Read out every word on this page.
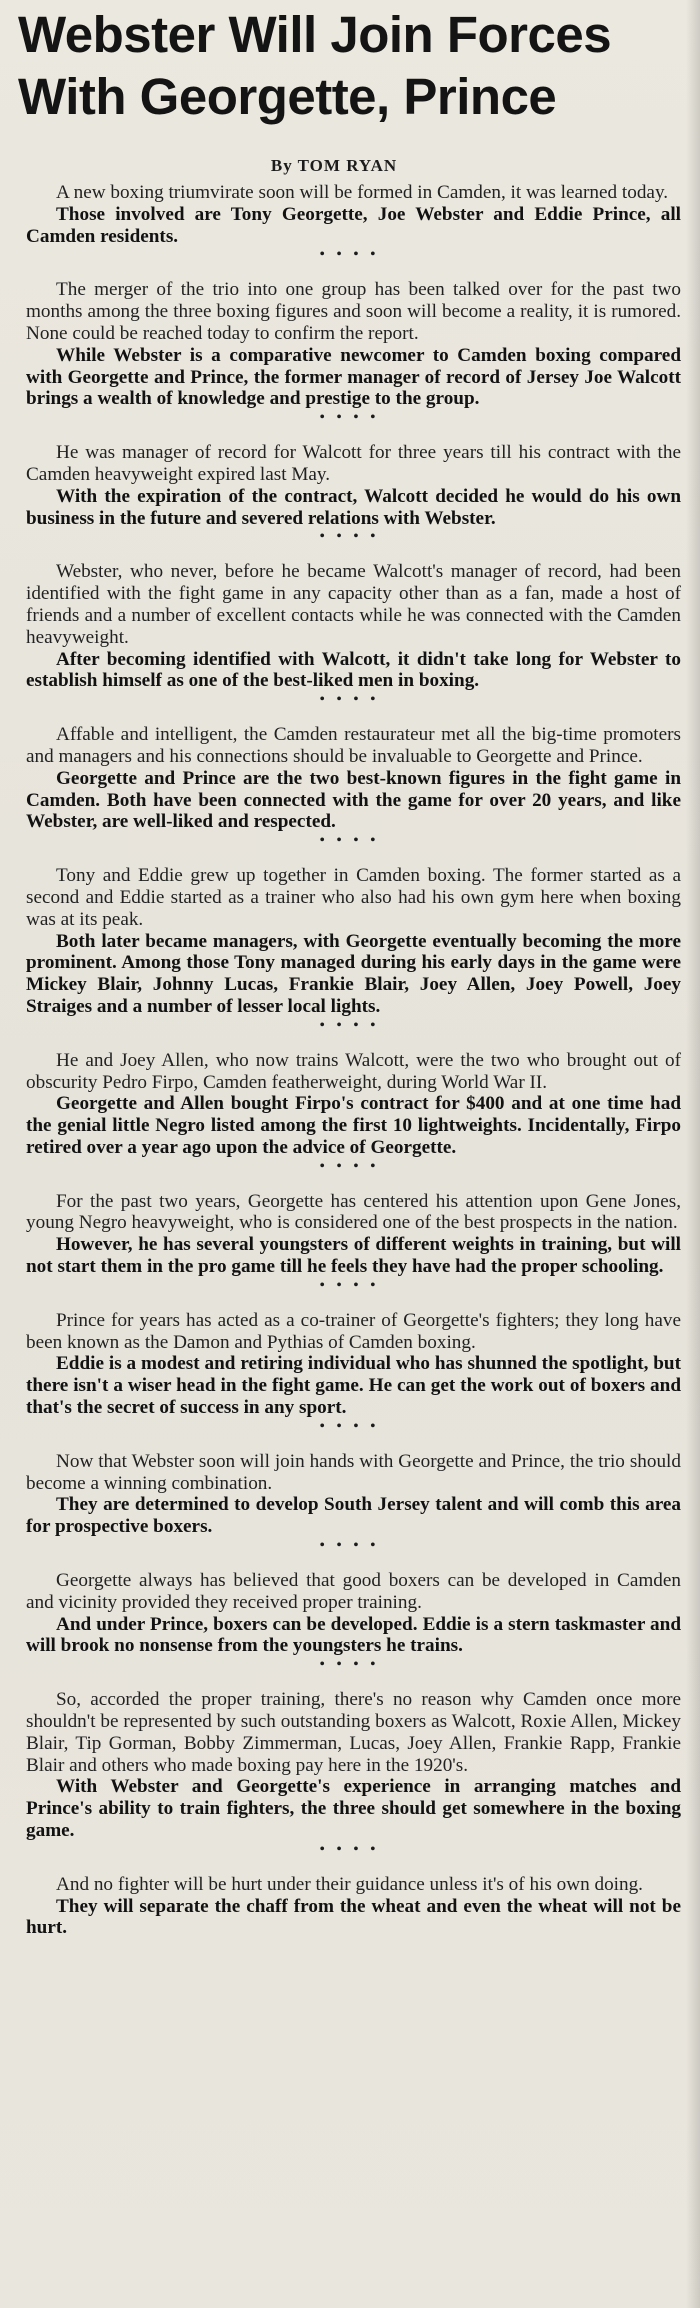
Webster Will Join Forces
With Georgette, Prince
By TOM RYAN

A new boxing triumvirate soon will be formed in Camden, it was learned today.

Those involved are Tony Georgette, Joe Webster and Eddie Prince, all Camden residents.

••••

The merger of the trio into one group has been talked over for the past two months among the three boxing figures and soon will become a reality, it is rumored. None could be reached today to confirm the report.

While Webster is a comparative newcomer to Camden boxing compared with Georgette and Prince, the former manager of record of Jersey Joe Walcott brings a wealth of knowledge and prestige to the group.

••••

He was manager of record for Walcott for three years till his contract with the Camden heavyweight expired last May.

With the expiration of the contract, Walcott decided he would do his own business in the future and severed relations with Webster.

••••

Webster, who never, before he became Walcott's manager of record, had been identified with the fight game in any capacity other than as a fan, made a host of friends and a number of excellent contacts while he was connected with the Camden heavyweight.

After becoming identified with Walcott, it didn't take long for Webster to establish himself as one of the best-liked men in boxing.

••••

Affable and intelligent, the Camden restaurateur met all the big-time promoters and managers and his connections should be invaluable to Georgette and Prince.

Georgette and Prince are the two best-known figures in the fight game in Camden. Both have been connected with the game for over 20 years, and like Webster, are well-liked and respected.

••••

Tony and Eddie grew up together in Camden boxing. The former started as a second and Eddie started as a trainer who also had his own gym here when boxing was at its peak.

Both later became managers, with Georgette eventually becoming the more prominent. Among those Tony managed during his early days in the game were Mickey Blair, Johnny Lucas, Frankie Blair, Joey Allen, Joey Powell, Joey Straiges and a number of lesser local lights.

••••

He and Joey Allen, who now trains Walcott, were the two who brought out of obscurity Pedro Firpo, Camden featherweight, during World War II.

Georgette and Allen bought Firpo's contract for $400 and at one time had the genial little Negro listed among the first 10 lightweights. Incidentally, Firpo retired over a year ago upon the advice of Georgette.

••••

For the past two years, Georgette has centered his attention upon Gene Jones, young Negro heavyweight, who is considered one of the best prospects in the nation.

However, he has several youngsters of different weights in training, but will not start them in the pro game till he feels they have had the proper schooling.

••••

Prince for years has acted as a co-trainer of Georgette's fighters; they long have been known as the Damon and Pythias of Camden boxing.

Eddie is a modest and retiring individual who has shunned the spotlight, but there isn't a wiser head in the fight game. He can get the work out of boxers and that's the secret of success in any sport.

••••

Now that Webster soon will join hands with Georgette and Prince, the trio should become a winning combination.

They are determined to develop South Jersey talent and will comb this area for prospective boxers.

••••

Georgette always has believed that good boxers can be developed in Camden and vicinity provided they received proper training.

And under Prince, boxers can be developed. Eddie is a stern taskmaster and will brook no nonsense from the youngsters he trains.

••••

So, accorded the proper training, there's no reason why Camden once more shouldn't be represented by such outstanding boxers as Walcott, Roxie Allen, Mickey Blair, Tip Gorman, Bobby Zimmerman, Lucas, Joey Allen, Frankie Rapp, Frankie Blair and others who made boxing pay here in the 1920's.

With Webster and Georgette's experience in arranging matches and Prince's ability to train fighters, the three should get somewhere in the boxing game.

••••

And no fighter will be hurt under their guidance unless it's of his own doing.

They will separate the chaff from the wheat and even the wheat will not be hurt.
